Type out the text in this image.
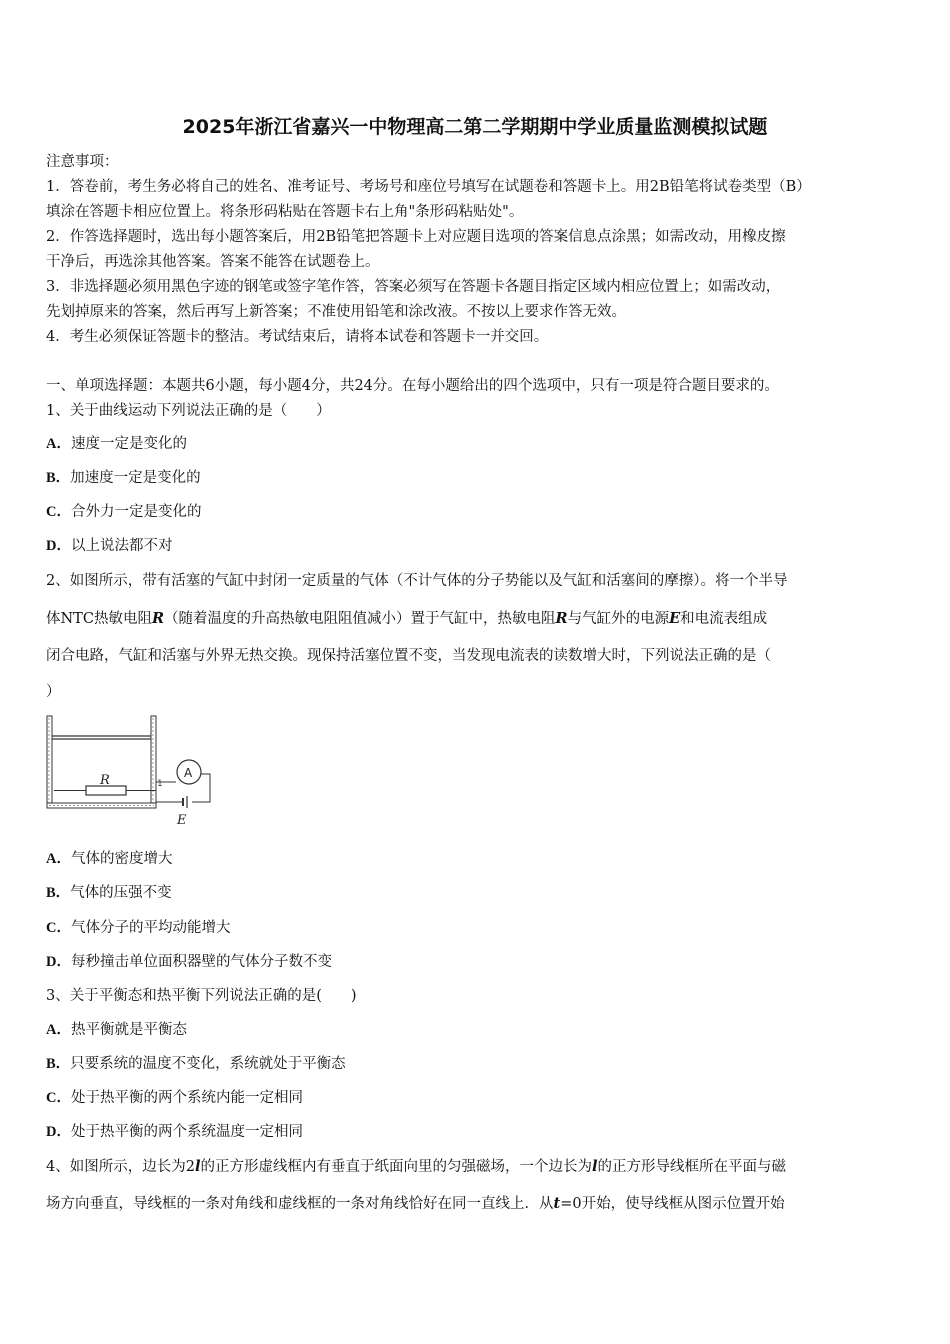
2025年浙江省嘉兴一中物理高二第二学期期中学业质量监测模拟试题
注意事项：
1．答卷前，考生务必将自己的姓名、准考证号、考场号和座位号填写在试题卷和答题卡上。用2B铅笔将试卷类型（B）
填涂在答题卡相应位置上。将条形码粘贴在答题卡右上角"条形码粘贴处"。
2．作答选择题时，选出每小题答案后，用2B铅笔把答题卡上对应题目选项的答案信息点涂黑；如需改动，用橡皮擦
干净后，再选涂其他答案。答案不能答在试题卷上。
3．非选择题必须用黑色字迹的钢笔或签字笔作答，答案必须写在答题卡各题目指定区域内相应位置上；如需改动，
先划掉原来的答案，然后再写上新答案；不准使用铅笔和涂改液。不按以上要求作答无效。
4．考生必须保证答题卡的整洁。考试结束后，请将本试卷和答题卡一并交回。
一、单项选择题：本题共6小题，每小题4分，共24分。在每小题给出的四个选项中，只有一项是符合题目要求的。
1、关于曲线运动下列说法正确的是（　　）
A．速度一定是变化的
B．加速度一定是变化的
C．合外力一定是变化的
D．以上说法都不对
2、如图所示，带有活塞的气缸中封闭一定质量的气体（不计气体的分子势能以及气缸和活塞间的摩擦）。将一个半导
体NTC热敏电阻R（随着温度的升高热敏电阻阻值减小）置于气缸中，热敏电阻R与气缸外的电源E和电流表组成
闭合电路，气缸和活塞与外界无热交换。现保持活塞位置不变，当发现电流表的读数增大时，下列说法正确的是（
）
R	1
A
E
A．气体的密度增大
B．气体的压强不变
C．气体分子的平均动能增大
D．每秒撞击单位面积器壁的气体分子数不变
3、关于平衡态和热平衡下列说法正确的是(　　)
A．热平衡就是平衡态
B．只要系统的温度不变化，系统就处于平衡态
C．处于热平衡的两个系统内能一定相同
D．处于热平衡的两个系统温度一定相同
4、如图所示，边长为2l的正方形虚线框内有垂直于纸面向里的匀强磁场，一个边长为l的正方形导线框所在平面与磁
场方向垂直，导线框的一条对角线和虚线框的一条对角线恰好在同一直线上．从t=0开始，使导线框从图示位置开始
